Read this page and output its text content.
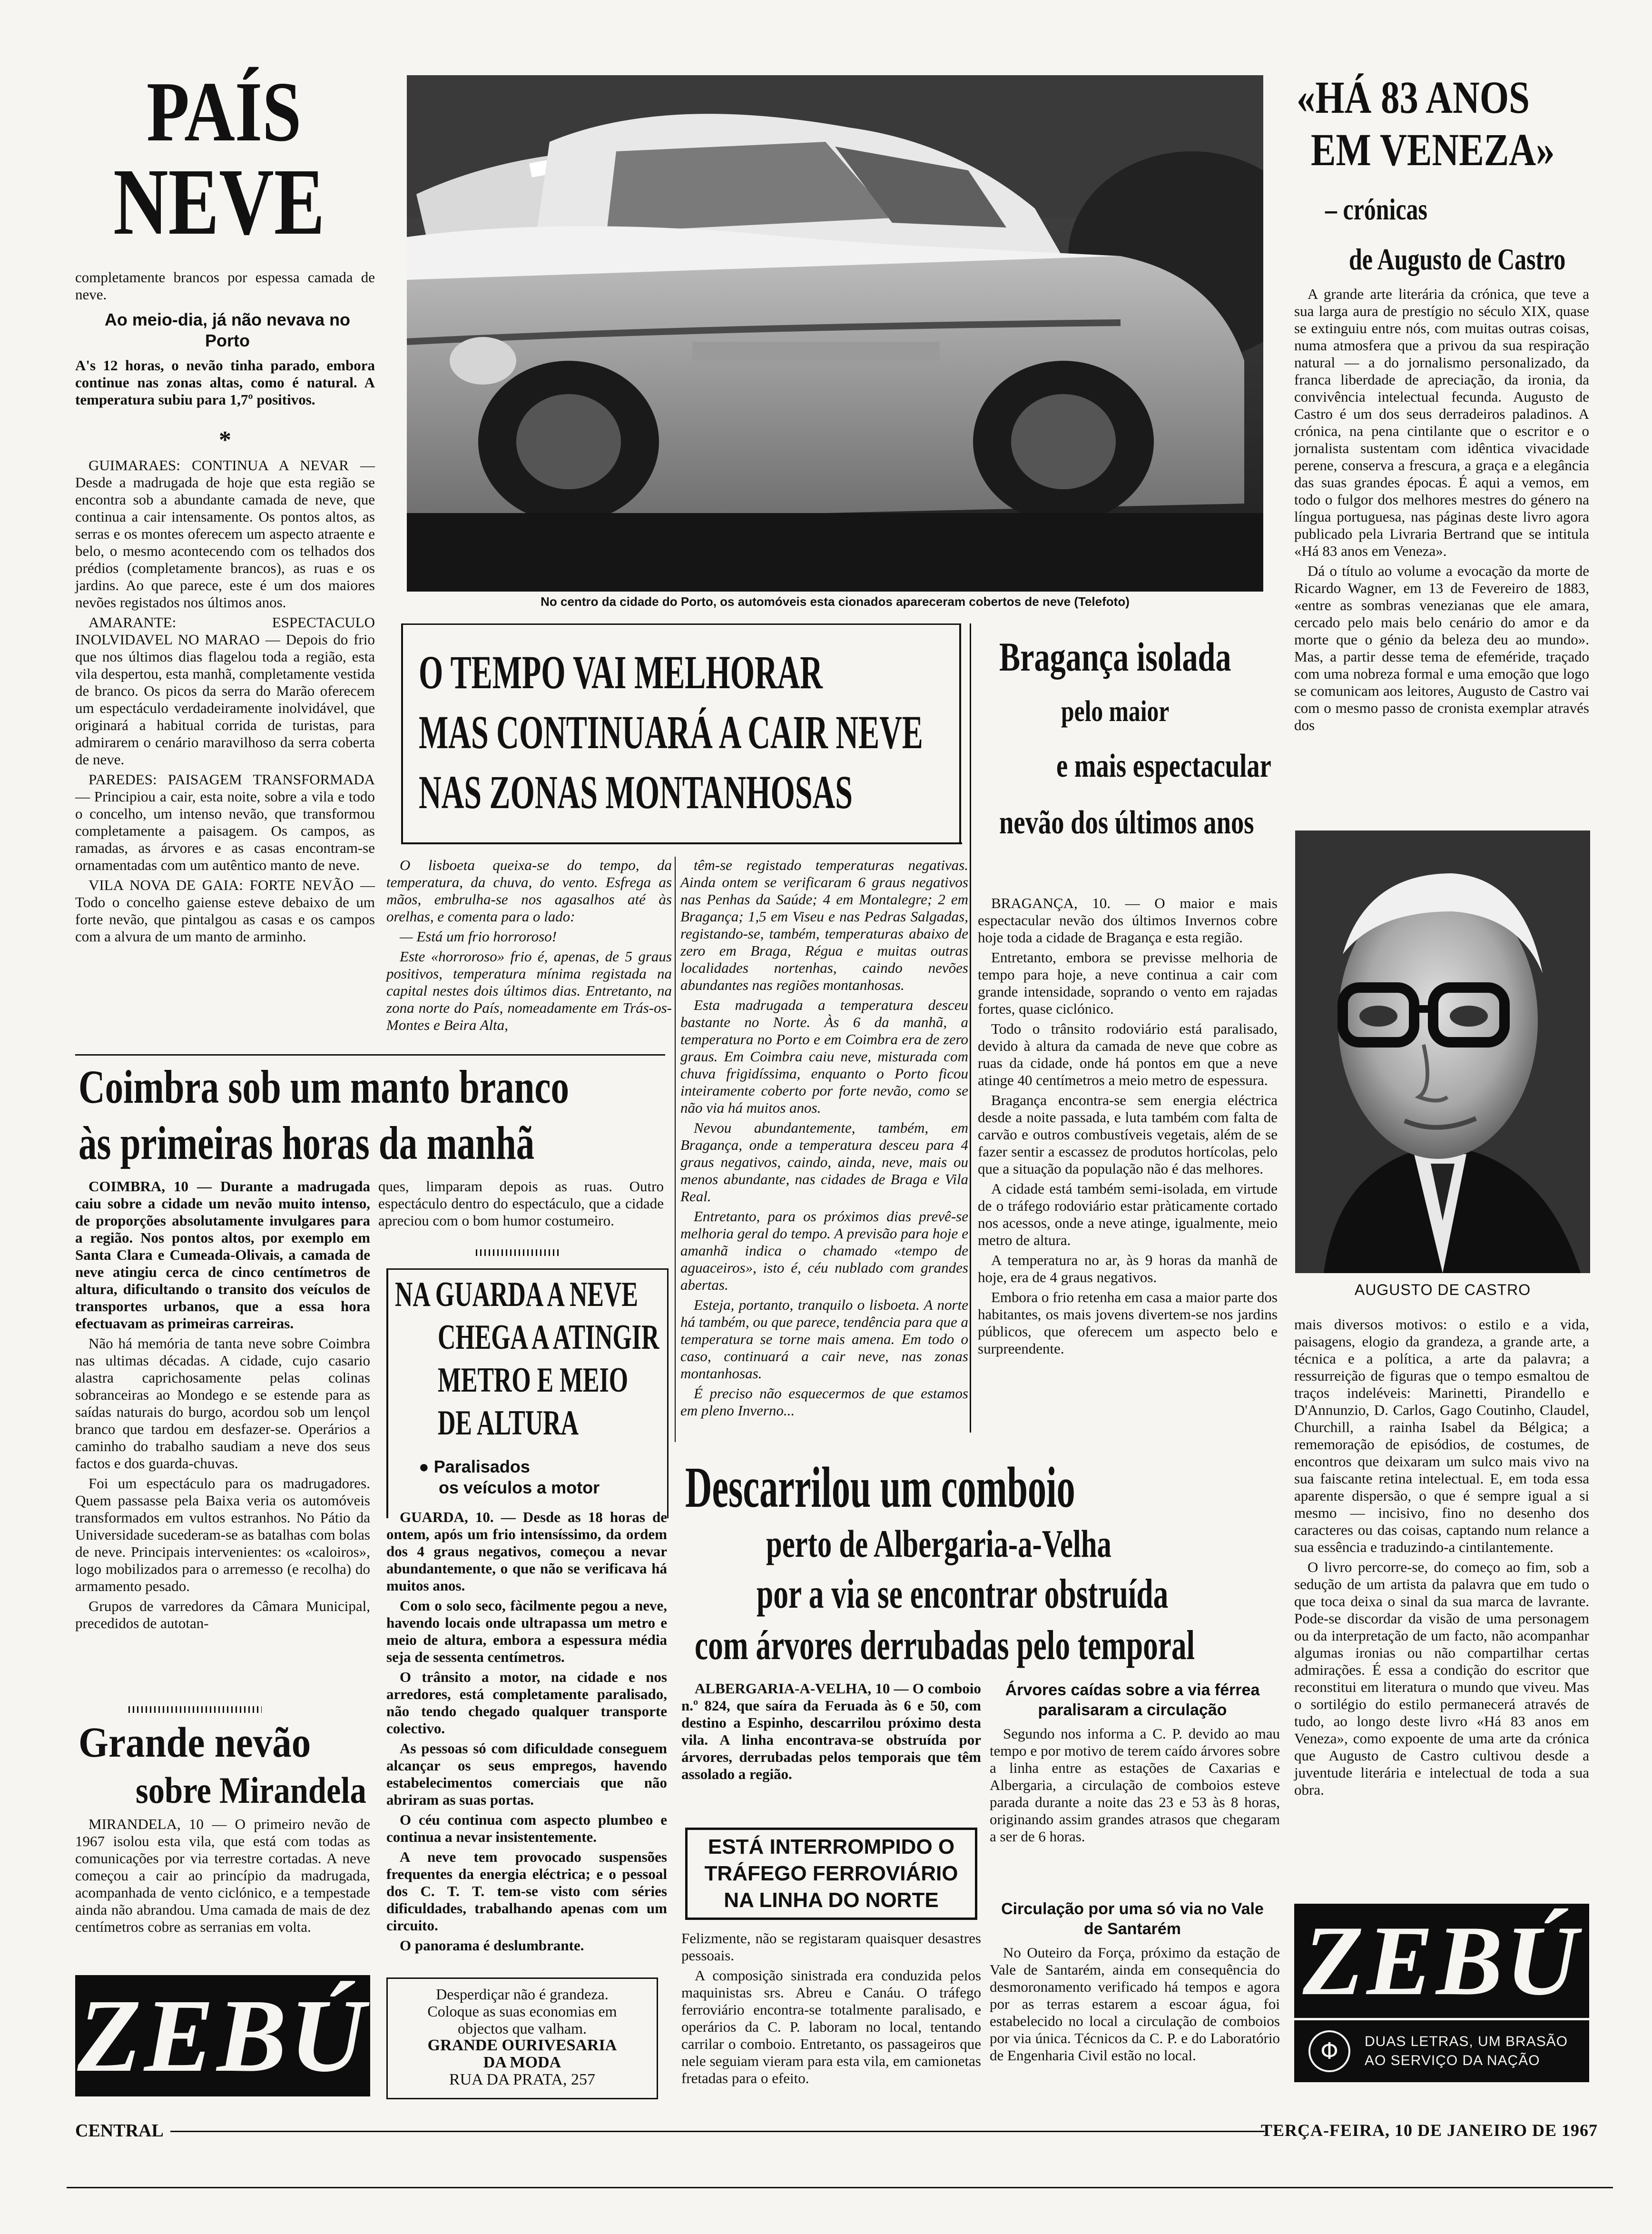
PAÍS
NEVE
completamente brancos por espessa camada de neve.
Ao meio-dia, já não nevava no Porto
A's 12 horas, o nevão tinha parado, embora continue nas zonas altas, como é natural. A temperatura subiu para 1,7º positivos.
*

GUIMARAES: CONTINUA A NEVAR — Desde a madrugada de hoje que esta região se encontra sob a abundante camada de neve, que continua a cair intensamente. Os pontos altos, as serras e os montes oferecem um aspecto atraente e belo, o mesmo acontecendo com os telhados dos prédios (completamente brancos), as ruas e os jardins. Ao que parece, este é um dos maiores nevões registados nos últimos anos.

AMARANTE: ESPECTACULO INOLVIDAVEL NO MARAO — Depois do frio que nos últimos dias flagelou toda a região, esta vila despertou, esta manhã, completamente vestida de branco. Os picos da serra do Marão oferecem um espectáculo verdadeiramente inolvidável, que originará a habitual corrida de turistas, para admirarem o cenário maravilhoso da serra coberta de neve.

PAREDES: PAISAGEM TRANSFORMADA — Principiou a cair, esta noite, sobre a vila e todo o concelho, um intenso nevão, que transformou completamente a paisagem. Os campos, as ramadas, as árvores e as casas encontram-se ornamentadas com um autêntico manto de neve.

VILA NOVA DE GAIA: FORTE NEVÃO — Todo o concelho gaiense esteve debaixo de um forte nevão, que pintalgou as casas e os campos com a alvura de um manto de arminho.

No centro da cidade do Porto, os automóveis esta cionados apareceram cobertos de neve (Telefoto)
O TEMPO VAI MELHORAR
MAS CONTINUARÁ A CAIR NEVE
NAS ZONAS MONTANHOSAS

O lisboeta queixa-se do tempo, da temperatura, da chuva, do vento. Esfrega as mãos, embrulha-se nos agasalhos até às orelhas, e comenta para o lado:

— Está um frio horroroso!

Este «horroroso» frio é, apenas, de 5 graus positivos, temperatura mínima registada na capital nestes dois últimos dias. Entretanto, na zona norte do País, nomeadamente em Trás-os-Montes e Beira Alta,

têm-se registado temperaturas negativas. Ainda ontem se verificaram 6 graus negativos nas Penhas da Saúde; 4 em Montalegre; 2 em Bragança; 1,5 em Viseu e nas Pedras Salgadas, registando-se, também, temperaturas abaixo de zero em Braga, Régua e muitas outras localidades nortenhas, caindo nevões abundantes nas regiões montanhosas.

Esta madrugada a temperatura desceu bastante no Norte. Às 6 da manhã, a temperatura no Porto e em Coimbra era de zero graus. Em Coimbra caiu neve, misturada com chuva frigidíssima, enquanto o Porto ficou inteiramente coberto por forte nevão, como se não via há muitos anos.

Nevou abundantemente, também, em Bragança, onde a temperatura desceu para 4 graus negativos, caindo, ainda, neve, mais ou menos abundante, nas cidades de Braga e Vila Real.

Entretanto, para os próximos dias prevê-se melhoria geral do tempo. A previsão para hoje e amanhã indica o chamado «tempo de aguaceiros», isto é, céu nublado com grandes abertas.

Esteja, portanto, tranquilo o lisboeta. A norte há também, ou que parece, tendência para que a temperatura se torne mais amena. Em todo o caso, continuará a cair neve, nas zonas montanhosas.

É preciso não esquecermos de que estamos em pleno Inverno...

Coimbra sob um manto branco
às primeiras horas da manhã
COIMBRA, 10 — Durante a madrugada caiu sobre a cidade um nevão muito intenso, de proporções absolutamente invulgares para a região. Nos pontos altos, por exemplo em Santa Clara e Cumeada-Olivais, a camada de neve atingiu cerca de cinco centímetros de altura, dificultando o transito dos veículos de transportes urbanos, que a essa hora efectuavam as primeiras carreiras.

Não há memória de tanta neve sobre Coimbra nas ultimas décadas. A cidade, cujo casario alastra caprichosamente pelas colinas sobranceiras ao Mondego e se estende para as saídas naturais do burgo, acordou sob um lençol branco que tardou em desfazer-se. Operários a caminho do trabalho saudiam a neve dos seus factos e dos guarda-chuvas.

Foi um espectáculo para os madrugadores. Quem passasse pela Baixa veria os automóveis transformados em vultos estranhos. No Pátio da Universidade sucederam-se as batalhas com bolas de neve. Principais intervenientes: os «caloiros», logo mobilizados para o arremesso (e recolha) do armamento pesado.

Grupos de varredores da Câmara Municipal, precedidos de autotan-

ques, limparam depois as ruas. Outro espectáculo dentro do espectáculo, que a cidade apreciou com o bom humor costumeiro.
NA GUARDA A NEVE
CHEGA A ATINGIR
METRO E MEIO
DE ALTURA
● Paralisados
os veículos a motor

GUARDA, 10. — Desde as 18 horas de ontem, após um frio intensíssimo, da ordem dos 4 graus negativos, começou a nevar abundantemente, o que não se verificava há muitos anos.

Com o solo seco, fàcilmente pegou a neve, havendo locais onde ultrapassa um metro e meio de altura, embora a espessura média seja de sessenta centímetros.

O trânsito a motor, na cidade e nos arredores, está completamente paralisado, não tendo chegado qualquer transporte colectivo.

As pessoas só com dificuldade conseguem alcançar os seus empregos, havendo estabelecimentos comerciais que não abriram as suas portas.

O céu continua com aspecto plumbeo e continua a nevar insistentemente.

A neve tem provocado suspensões frequentes da energia eléctrica; e o pessoal dos C. T. T. tem-se visto com séries dificuldades, trabalhando apenas com um circuito.

O panorama é deslumbrante.

Desperdiçar não é grandeza.
Coloque as suas economias em objectos que valham.
GRANDE OURIVESARIA DA MODA
RUA DA PRATA, 257
Grande nevão
sobre Mirandela
MIRANDELA, 10 — O primeiro nevão de 1967 isolou esta vila, que está com todas as comunicações por via terrestre cortadas. A neve começou a cair ao princípio da madrugada, acompanhada de vento ciclónico, e a tempestade ainda não abrandou. Uma camada de mais de dez centímetros cobre as serranias em volta.
ZEBÚ
Bragança isolada
pelo maior
e mais espectacular
nevão dos últimos anos

BRAGANÇA, 10. — O maior e mais espectacular nevão dos últimos Invernos cobre hoje toda a cidade de Bragança e esta região.

Entretanto, embora se previsse melhoria de tempo para hoje, a neve continua a cair com grande intensidade, soprando o vento em rajadas fortes, quase ciclónico.

Todo o trânsito rodoviário está paralisado, devido à altura da camada de neve que cobre as ruas da cidade, onde há pontos em que a neve atinge 40 centímetros a meio metro de espessura.

Bragança encontra-se sem energia eléctrica desde a noite passada, e luta também com falta de carvão e outros combustíveis vegetais, além de se fazer sentir a escassez de produtos hortícolas, pelo que a situação da população não é das melhores.

A cidade está também semi-isolada, em virtude de o tráfego rodoviário estar pràticamente cortado nos acessos, onde a neve atinge, igualmente, meio metro de altura.

A temperatura no ar, às 9 horas da manhã de hoje, era de 4 graus negativos.

Embora o frio retenha em casa a maior parte dos habitantes, os mais jovens divertem-se nos jardins públicos, que oferecem um aspecto belo e surpreendente.

Descarrilou um comboio
perto de Albergaria-a-Velha
por a via se encontrar obstruída
com árvores derrubadas pelo temporal
ALBERGARIA-A-VELHA, 10 — O comboio n.º 824, que saíra da Feruada às 6 e 50, com destino a Espinho, descarrilou próximo desta vila. A linha encontrava-se obstruída por árvores, derrubadas pelos temporais que têm assolado a região.
ESTÁ INTERROMPIDO O
TRÁFEGO FERROVIÁRIO
NA LINHA DO NORTE

Felizmente, não se registaram quaisquer desastres pessoais.

A composição sinistrada era conduzida pelos maquinistas srs. Abreu e Canáu. O tráfego ferroviário encontra-se totalmente paralisado, e operários da C. P. laboram no local, tentando carrilar o comboio. Entretanto, os passageiros que nele seguiam vieram para esta vila, em camionetas fretadas para o efeito.

Árvores caídas sobre a via férrea paralisaram a circulação
Segundo nos informa a C. P. devido ao mau tempo e por motivo de terem caído árvores sobre a linha entre as estações de Caxarias e Albergaria, a circulação de comboios esteve parada durante a noite das 23 e 53 às 8 horas, originando assim grandes atrasos que chegaram a ser de 6 horas.
Circulação por uma só via no Vale de Santarém
No Outeiro da Força, próximo da estação de Vale de Santarém, ainda em consequência do desmoronamento verificado há tempos e agora por as terras estarem a escoar água, foi estabelecido no local a circulação de comboios por via única. Técnicos da C. P. e do Laboratório de Engenharia Civil estão no local.
«HÁ 83 ANOS
EM VENEZA»
– crónicas
de Augusto de Castro

A grande arte literária da crónica, que teve a sua larga aura de prestígio no século XIX, quase se extinguiu entre nós, com muitas outras coisas, numa atmosfera que a privou da sua respiração natural — a do jornalismo personalizado, da franca liberdade de apreciação, da ironia, da convivência intelectual fecunda. Augusto de Castro é um dos seus derradeiros paladinos. A crónica, na pena cintilante que o escritor e o jornalista sustentam com idêntica vivacidade perene, conserva a frescura, a graça e a elegância das suas grandes épocas. É aqui a vemos, em todo o fulgor dos melhores mestres do género na língua portuguesa, nas páginas deste livro agora publicado pela Livraria Bertrand que se intitula «Há 83 anos em Veneza».

Dá o título ao volume a evocação da morte de Ricardo Wagner, em 13 de Fevereiro de 1883, «entre as sombras venezianas que ele amara, cercado pelo mais belo cenário do amor e da morte que o génio da beleza deu ao mundo». Mas, a partir desse tema de efeméride, traçado com uma nobreza formal e uma emoção que logo se comunicam aos leitores, Augusto de Castro vai com o mesmo passo de cronista exemplar através dos

AUGUSTO DE CASTRO

mais diversos motivos: o estilo e a vida, paisagens, elogio da grandeza, a grande arte, a técnica e a política, a arte da palavra; a ressurreição de figuras que o tempo esmaltou de traços indeléveis: Marinetti, Pirandello e D'Annunzio, D. Carlos, Gago Coutinho, Claudel, Churchill, a rainha Isabel da Bélgica; a rememoração de episódios, de costumes, de encontros que deixaram um sulco mais vivo na sua faiscante retina intelectual. E, em toda essa aparente dispersão, o que é sempre igual a si mesmo — incisivo, fino no desenho dos caracteres ou das coisas, captando num relance a sua essência e traduzindo-a cintilantemente.

O livro percorre-se, do começo ao fim, sob a sedução de um artista da palavra que em tudo o que toca deixa o sinal da sua marca de lavrante. Pode-se discordar da visão de uma personagem ou da interpretação de um facto, não acompanhar algumas ironias ou não compartilhar certas admirações. É essa a condição do escritor que reconstitui em literatura o mundo que viveu. Mas o sortilégio do estilo permanecerá através de tudo, ao longo deste livro «Há 83 anos em Veneza», como expoente de uma arte da crónica que Augusto de Castro cultivou desde a juventude literária e intelectual de toda a sua obra.

ZEBÚ
Φ	DUAS LETRAS, UM BRASÃO
AO SERVIÇO DA NAÇÃO
CENTRAL	TERÇA-FEIRA, 10 DE JANEIRO DE 1967
